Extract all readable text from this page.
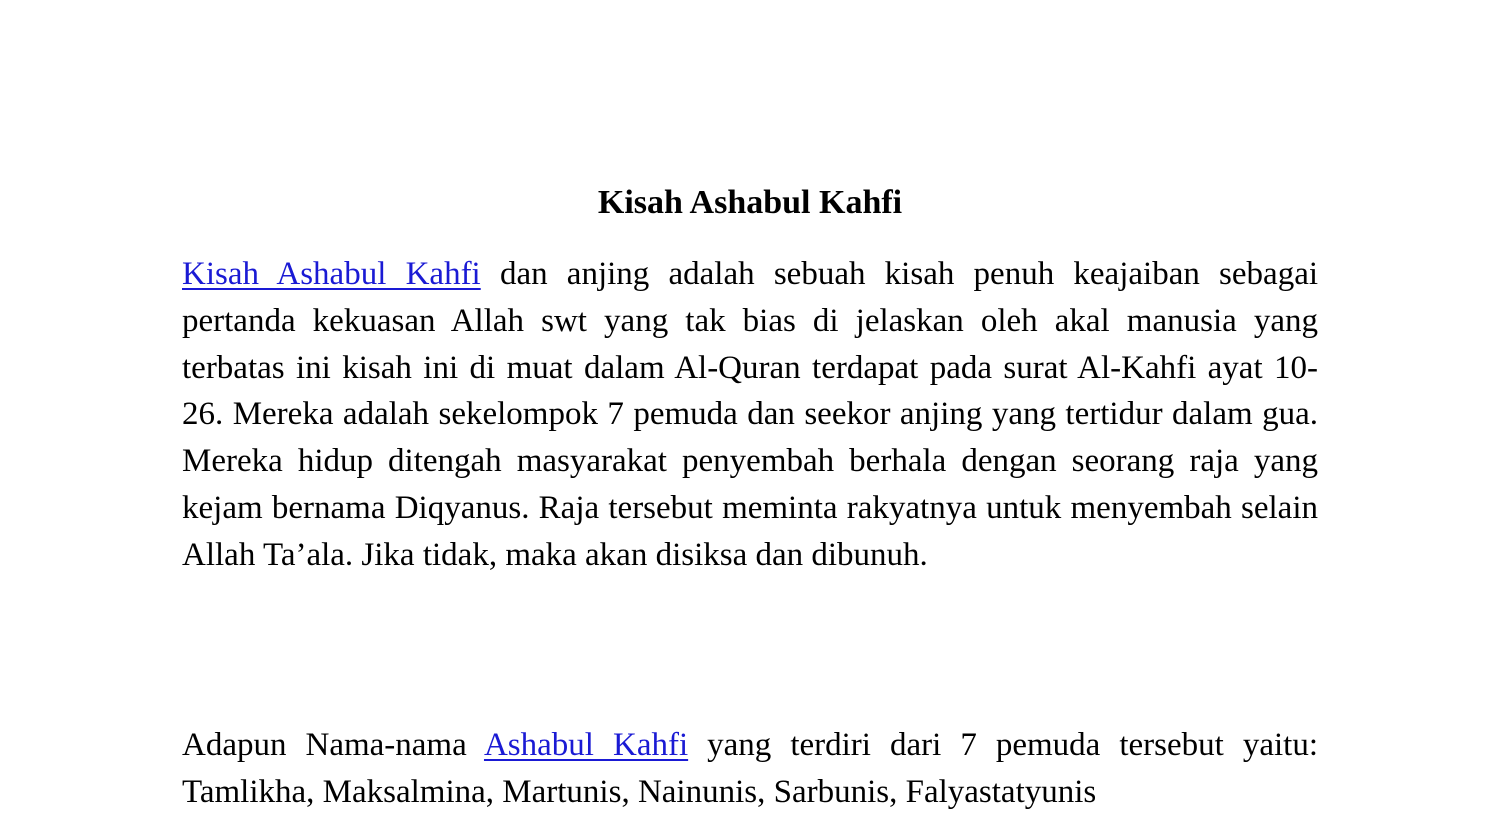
Kisah Ashabul Kahfi

Kisah Ashabul Kahfi dan anjing adalah sebuah kisah penuh keajaiban sebagai pertanda kekuasan Allah swt yang tak bias di jelaskan oleh akal manusia yang terbatas ini kisah ini di muat dalam Al-Quran terdapat pada surat Al-Kahfi ayat 10-26. Mereka adalah sekelompok 7 pemuda dan seekor anjing yang tertidur dalam gua. Mereka hidup ditengah masyarakat penyembah berhala dengan seorang raja yang kejam bernama Diqyanus. Raja tersebut meminta rakyatnya untuk menyembah selain Allah Ta’ala. Jika tidak, maka akan disiksa dan dibunuh.

Adapun Nama-nama Ashabul Kahfi yang terdiri dari 7 pemuda tersebut yaitu: Tamlikha, Maksalmina, Martunis, Nainunis, Sarbunis, Falyastatyunis
